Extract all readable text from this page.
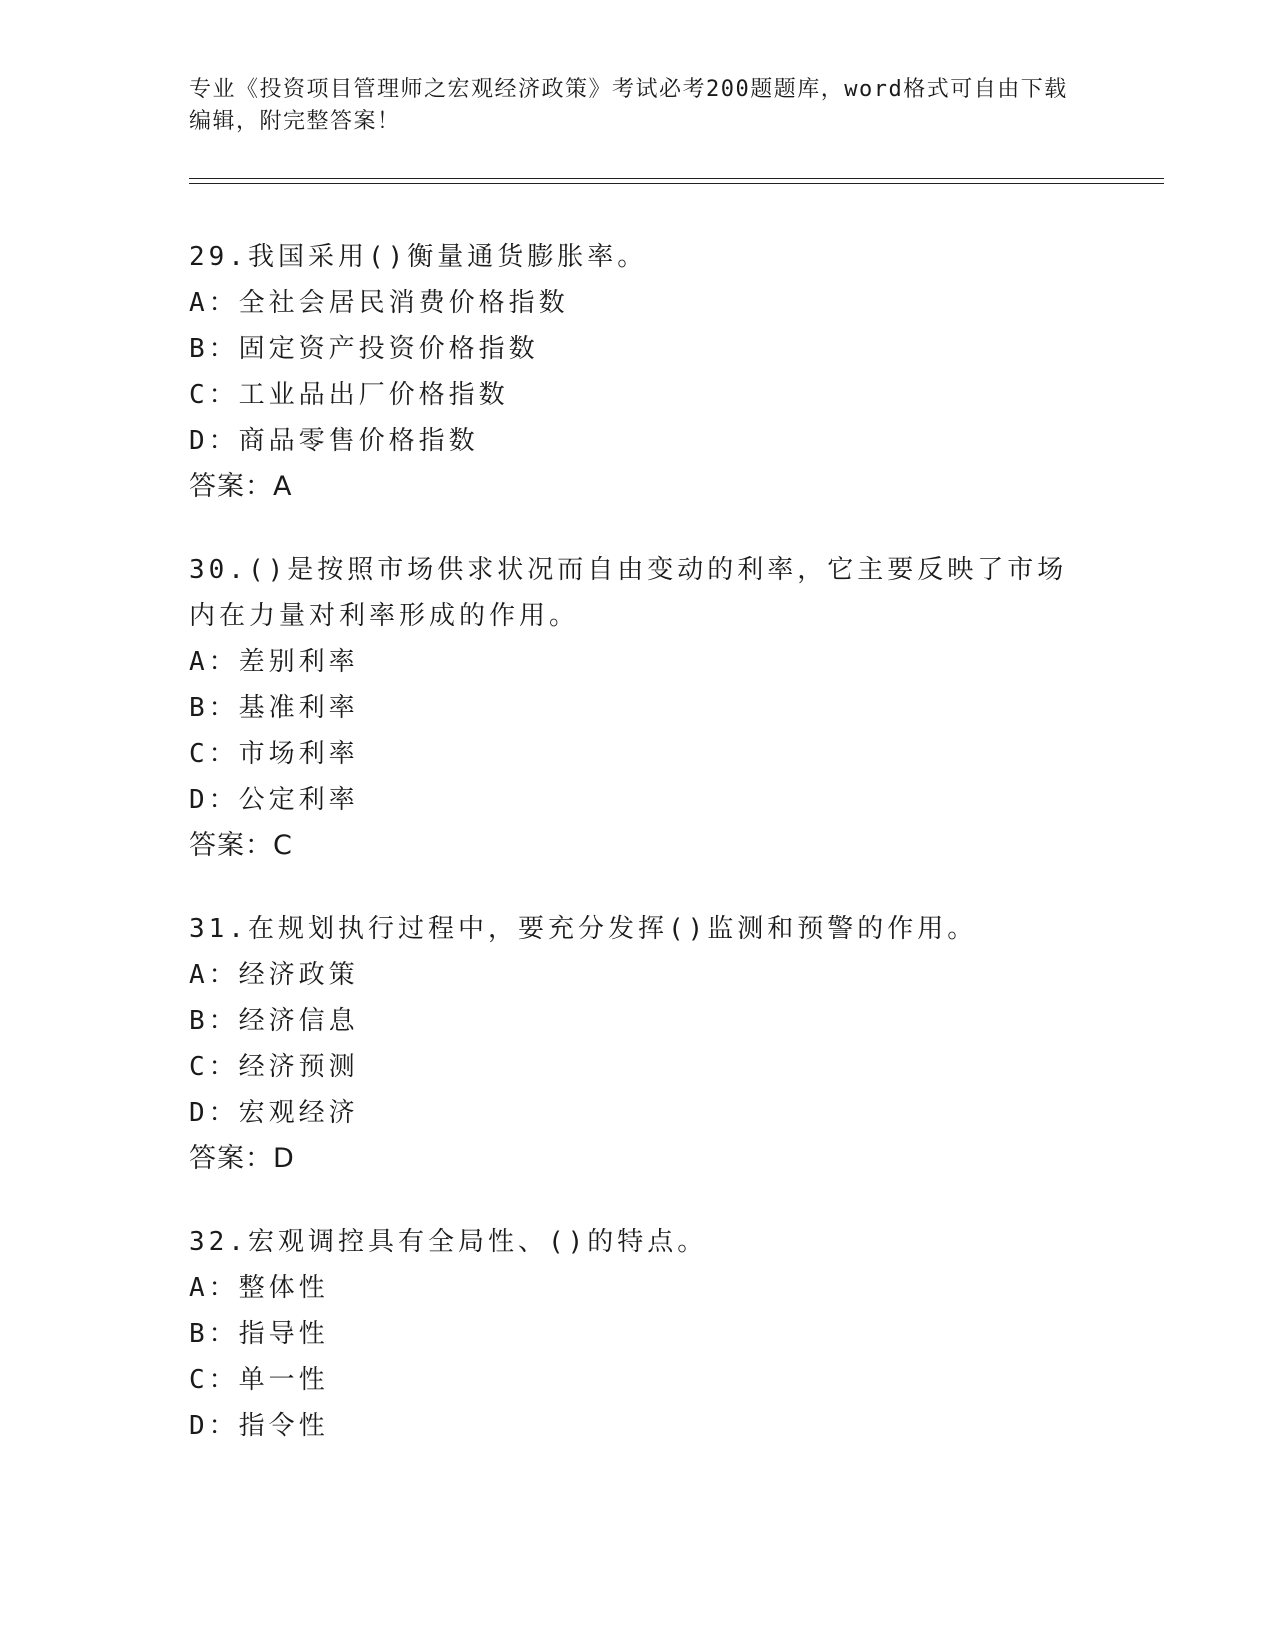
专业《投资项目管理师之宏观经济政策》考试必考200题题库，word格式可自由下载编辑，附完整答案！
29.我国采用()衡量通货膨胀率。
A：全社会居民消费价格指数
B：固定资产投资价格指数
C：工业品出厂价格指数
D：商品零售价格指数
答案：A
30.()是按照市场供求状况而自由变动的利率，它主要反映了市场内在力量对利率形成的作用。
A：差别利率
B：基准利率
C：市场利率
D：公定利率
答案：C
31.在规划执行过程中，要充分发挥()监测和预警的作用。
A：经济政策
B：经济信息
C：经济预测
D：宏观经济
答案：D
32.宏观调控具有全局性、()的特点。
A：整体性
B：指导性
C：单一性
D：指令性
